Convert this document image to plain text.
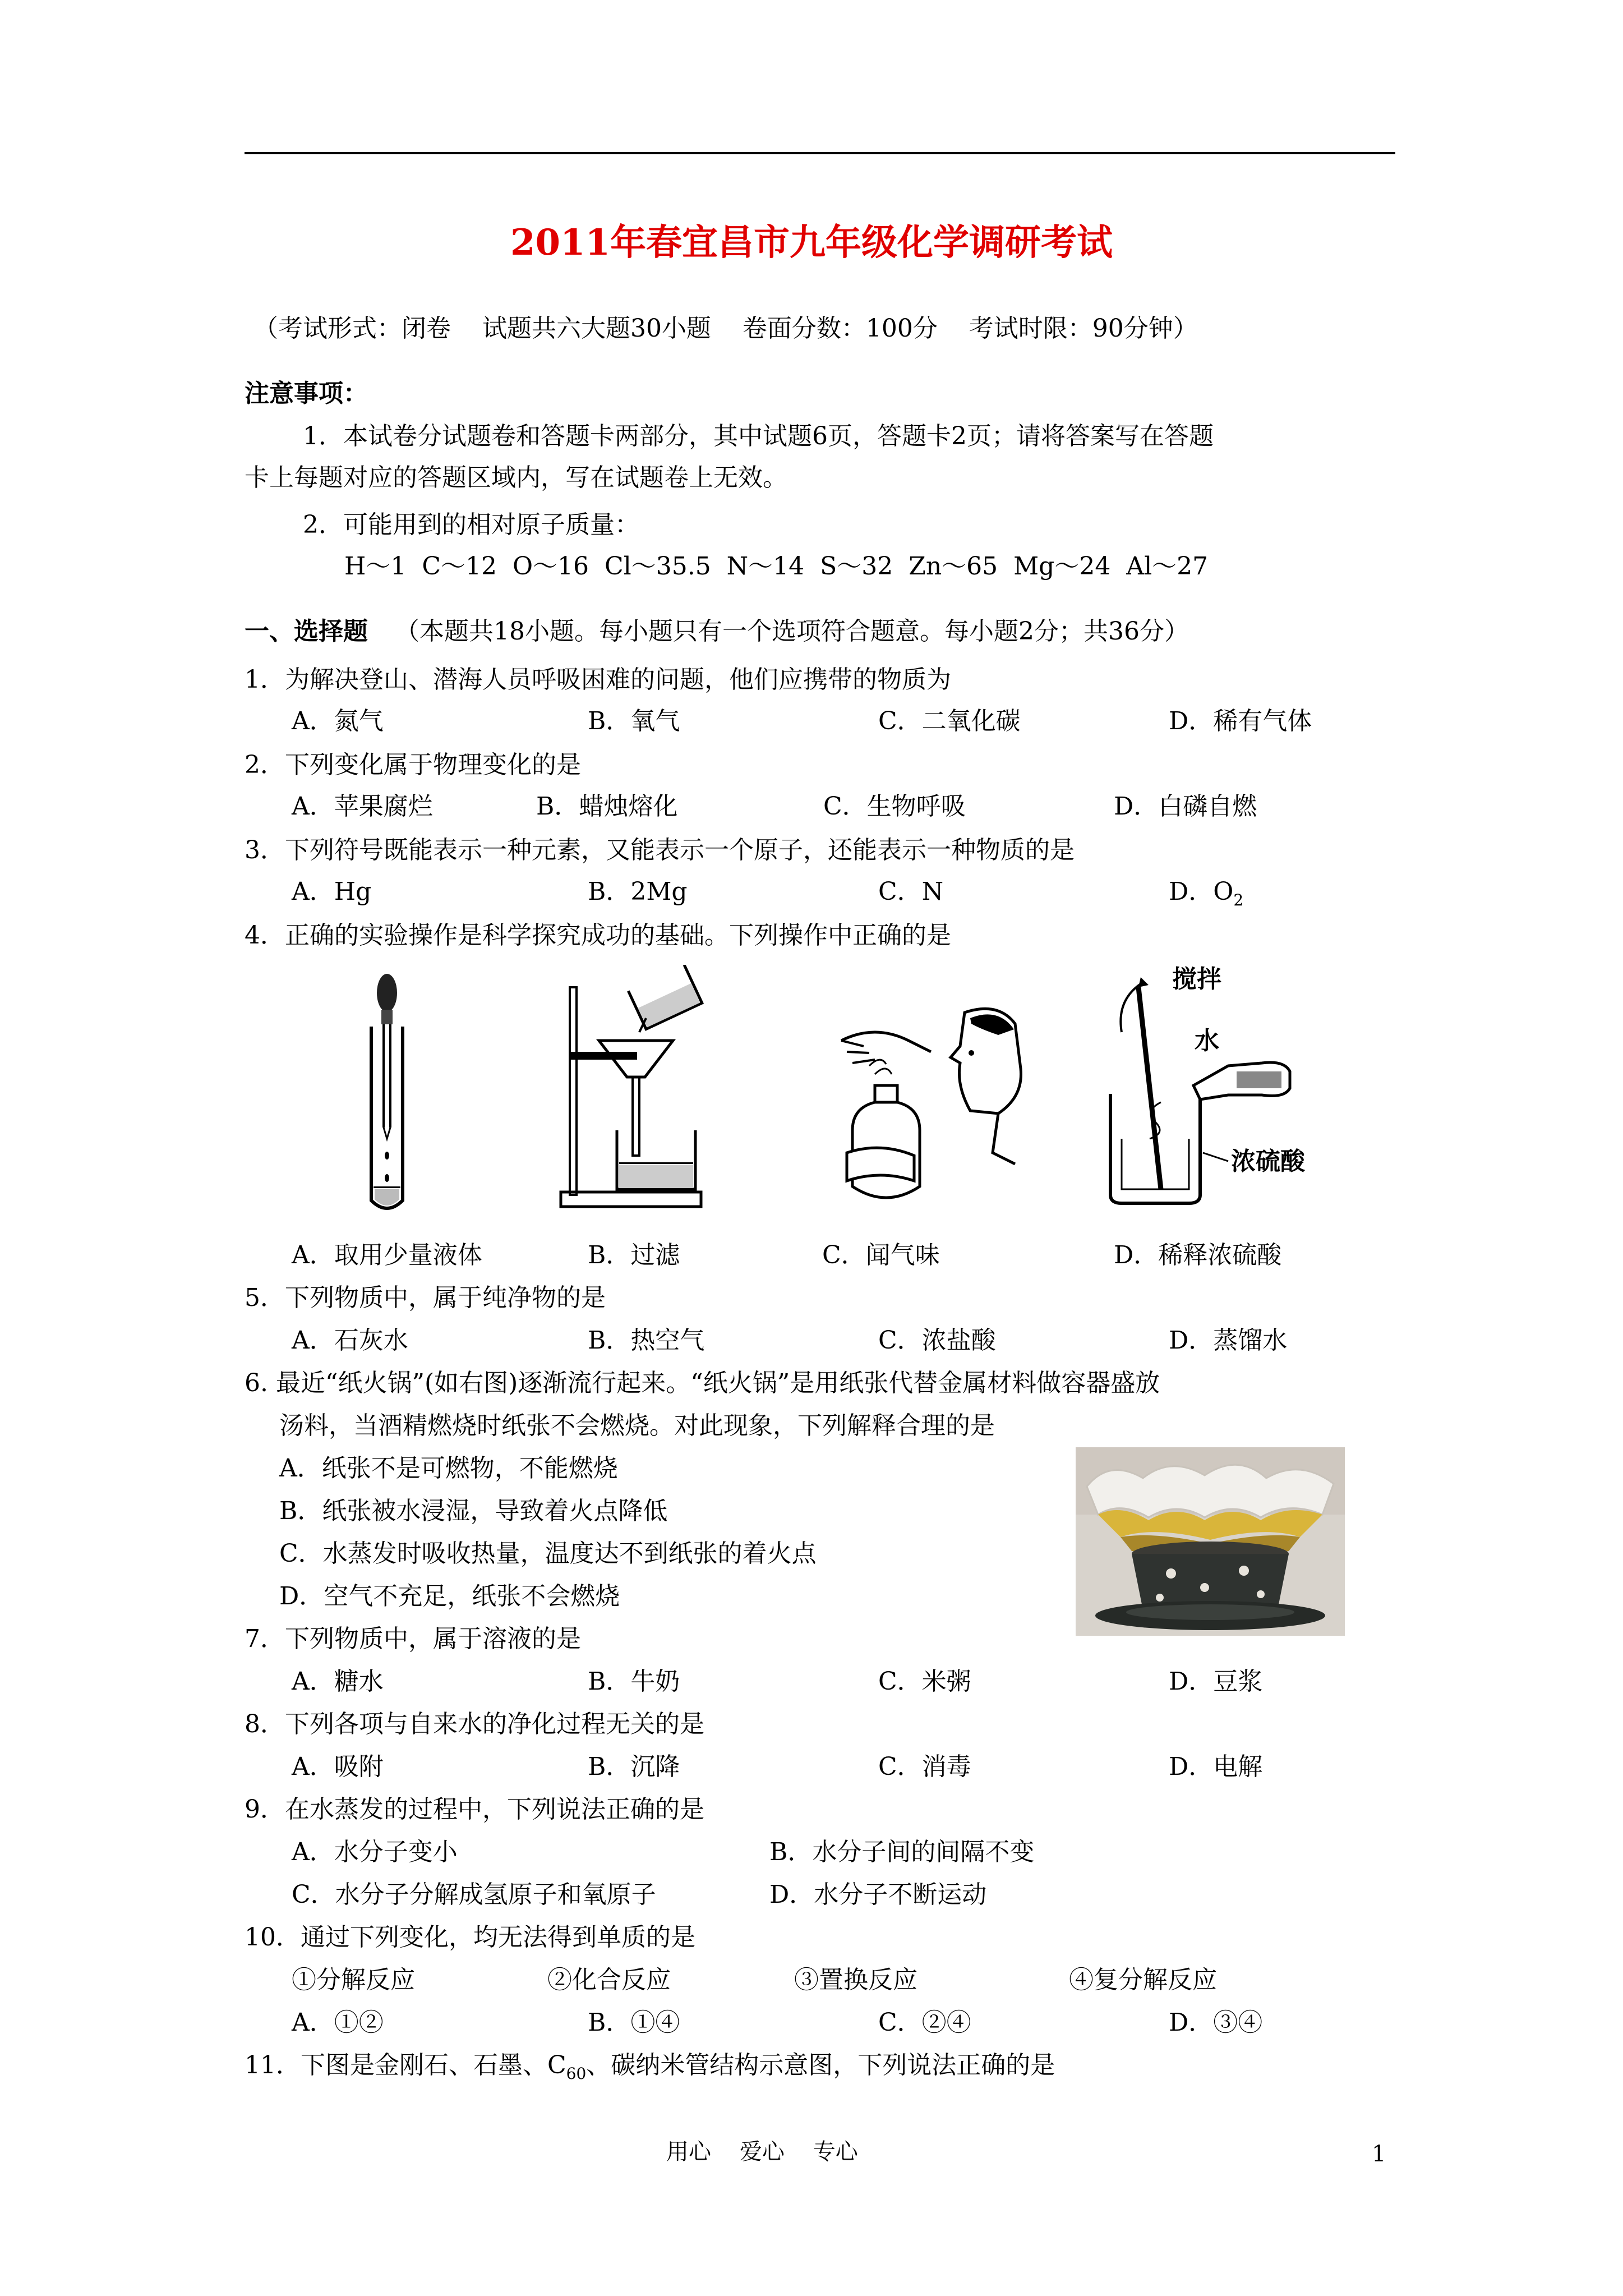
2011年春宜昌市九年级化学调研考试
（考试形式：闭卷    试题共六大题30小题    卷面分数：100分    考试时限：90分钟）
注意事项：
1．本试卷分试题卷和答题卡两部分，其中试题6页，答题卡2页；请将答案写在答题
卡上每题对应的答题区域内，写在试题卷上无效。
2．可能用到的相对原子质量：
H～1  C～12  O～16  Cl～35.5  N～14  S～32  Zn～65  Mg～24  Al～27
一、选择题 （本题共18小题。每小题只有一个选项符合题意。每小题2分；共36分）
1．为解决登山、潜海人员呼吸困难的问题，他们应携带的物质为
A．氮气	B．氧气	C．二氧化碳	D．稀有气体
2．下列变化属于物理变化的是
A．苹果腐烂	B．蜡烛熔化	C．生物呼吸	D．白磷自燃
3．下列符号既能表示一种元素，又能表示一个原子，还能表示一种物质的是
A．Hg	B．2Mg	C．N	D．$O_2$
4．正确的实验操作是科学探究成功的基础。下列操作中正确的是
搅拌
水
浓硫酸
A．取用少量液体	B．过滤	C．闻气味	D．稀释浓硫酸
5．下列物质中，属于纯净物的是
A．石灰水	B．热空气	C．浓盐酸	D．蒸馏水
6. 最近“纸火锅”(如右图)逐渐流行起来。“纸火锅”是用纸张代替金属材料做容器盛放
汤料，当酒精燃烧时纸张不会燃烧。对此现象，下列解释合理的是
A．纸张不是可燃物，不能燃烧
B．纸张被水浸湿，导致着火点降低
C．水蒸发时吸收热量，温度达不到纸张的着火点
D．空气不充足，纸张不会燃烧
7．下列物质中，属于溶液的是
A．糖水	B．牛奶	C．米粥	D．豆浆
8．下列各项与自来水的净化过程无关的是
A．吸附	B．沉降	C．消毒	D．电解
9．在水蒸发的过程中，下列说法正确的是
A．水分子变小	B．水分子间的间隔不变
C．水分子分解成氢原子和氧原子	D．水分子不断运动
10．通过下列变化，均无法得到单质的是
①分解反应	②化合反应	③置换反应	④复分解反应
A．①②	B．①④	C．②④	D．③④
11．下图是金刚石、石墨、$C_{60}$、碳纳米管结构示意图，下列说法正确的是
用心    爱心    专心	1
